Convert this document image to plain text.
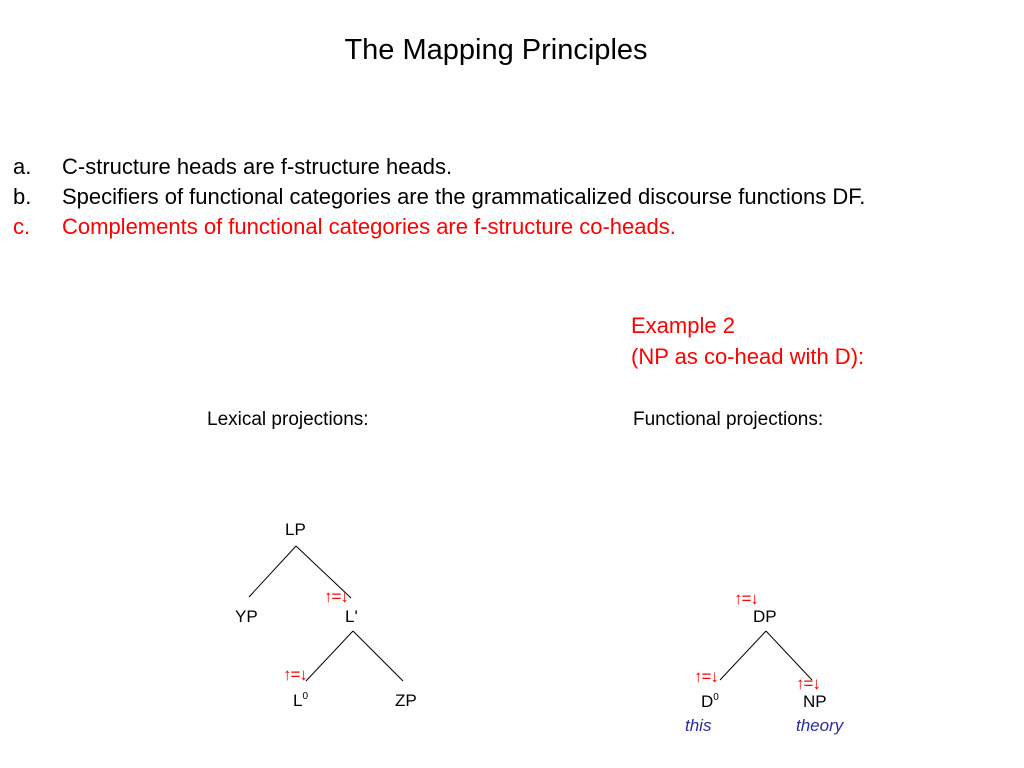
The Mapping Principles
a. C-structure heads are f-structure heads.
b. Specifiers of functional categories are the grammaticalized discourse functions DF.
c. Complements of functional categories are f-structure co-heads.
Example 2
(NP as co-head with D):
Lexical projections:	Functional projections:
LP
YP
↑=↓
L'
↑=↓
$L^0$	ZP
↑=↓
DP
↑=↓
$D^0$
↑=↓
NP
this	theory
